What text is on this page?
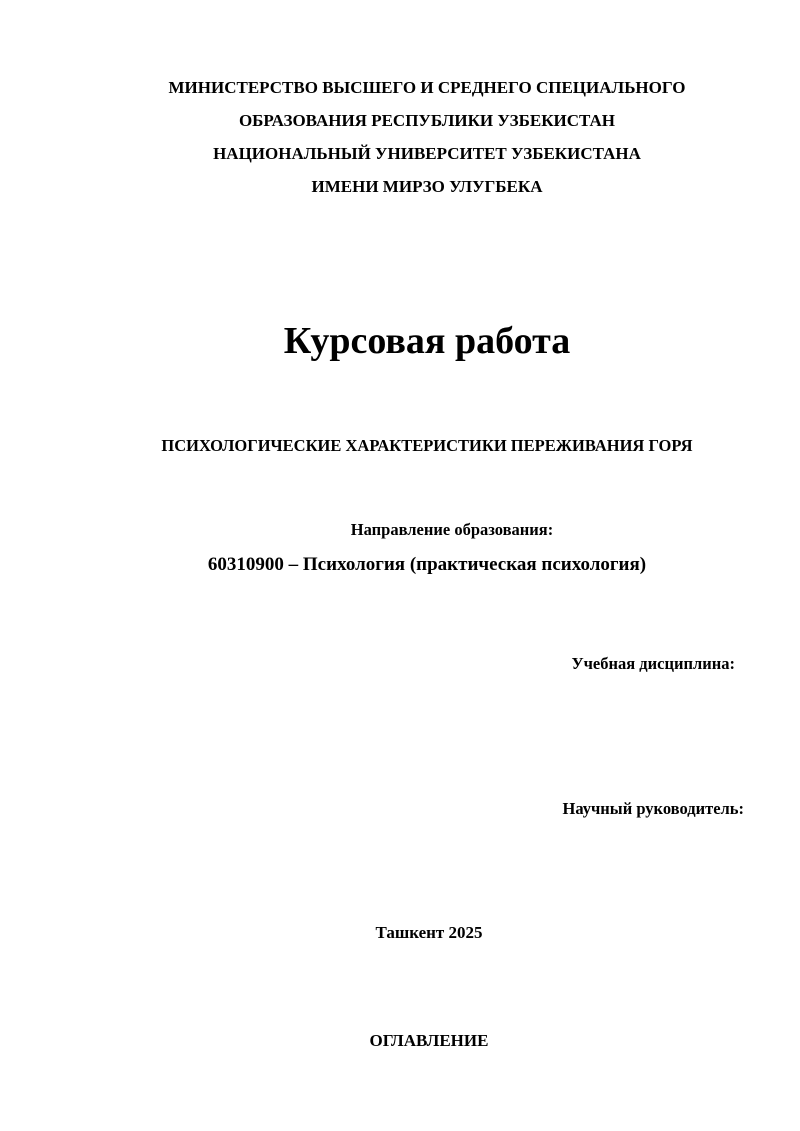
МИНИСТЕРСТВО ВЫСШЕГО И СРЕДНЕГО СПЕЦИАЛЬНОГО
ОБРАЗОВАНИЯ РЕСПУБЛИКИ УЗБЕКИСТАН
НАЦИОНАЛЬНЫЙ УНИВЕРСИТЕТ УЗБЕКИСТАНА
ИМЕНИ МИРЗО УЛУГБЕКА
Курсовая работа
ПСИХОЛОГИЧЕСКИЕ ХАРАКТЕРИСТИКИ ПЕРЕЖИВАНИЯ ГОРЯ
Направление образования:
60310900 – Психология (практическая психология)
Учебная дисциплина:
Научный руководитель:
Ташкент 2025
ОГЛАВЛЕНИЕ
